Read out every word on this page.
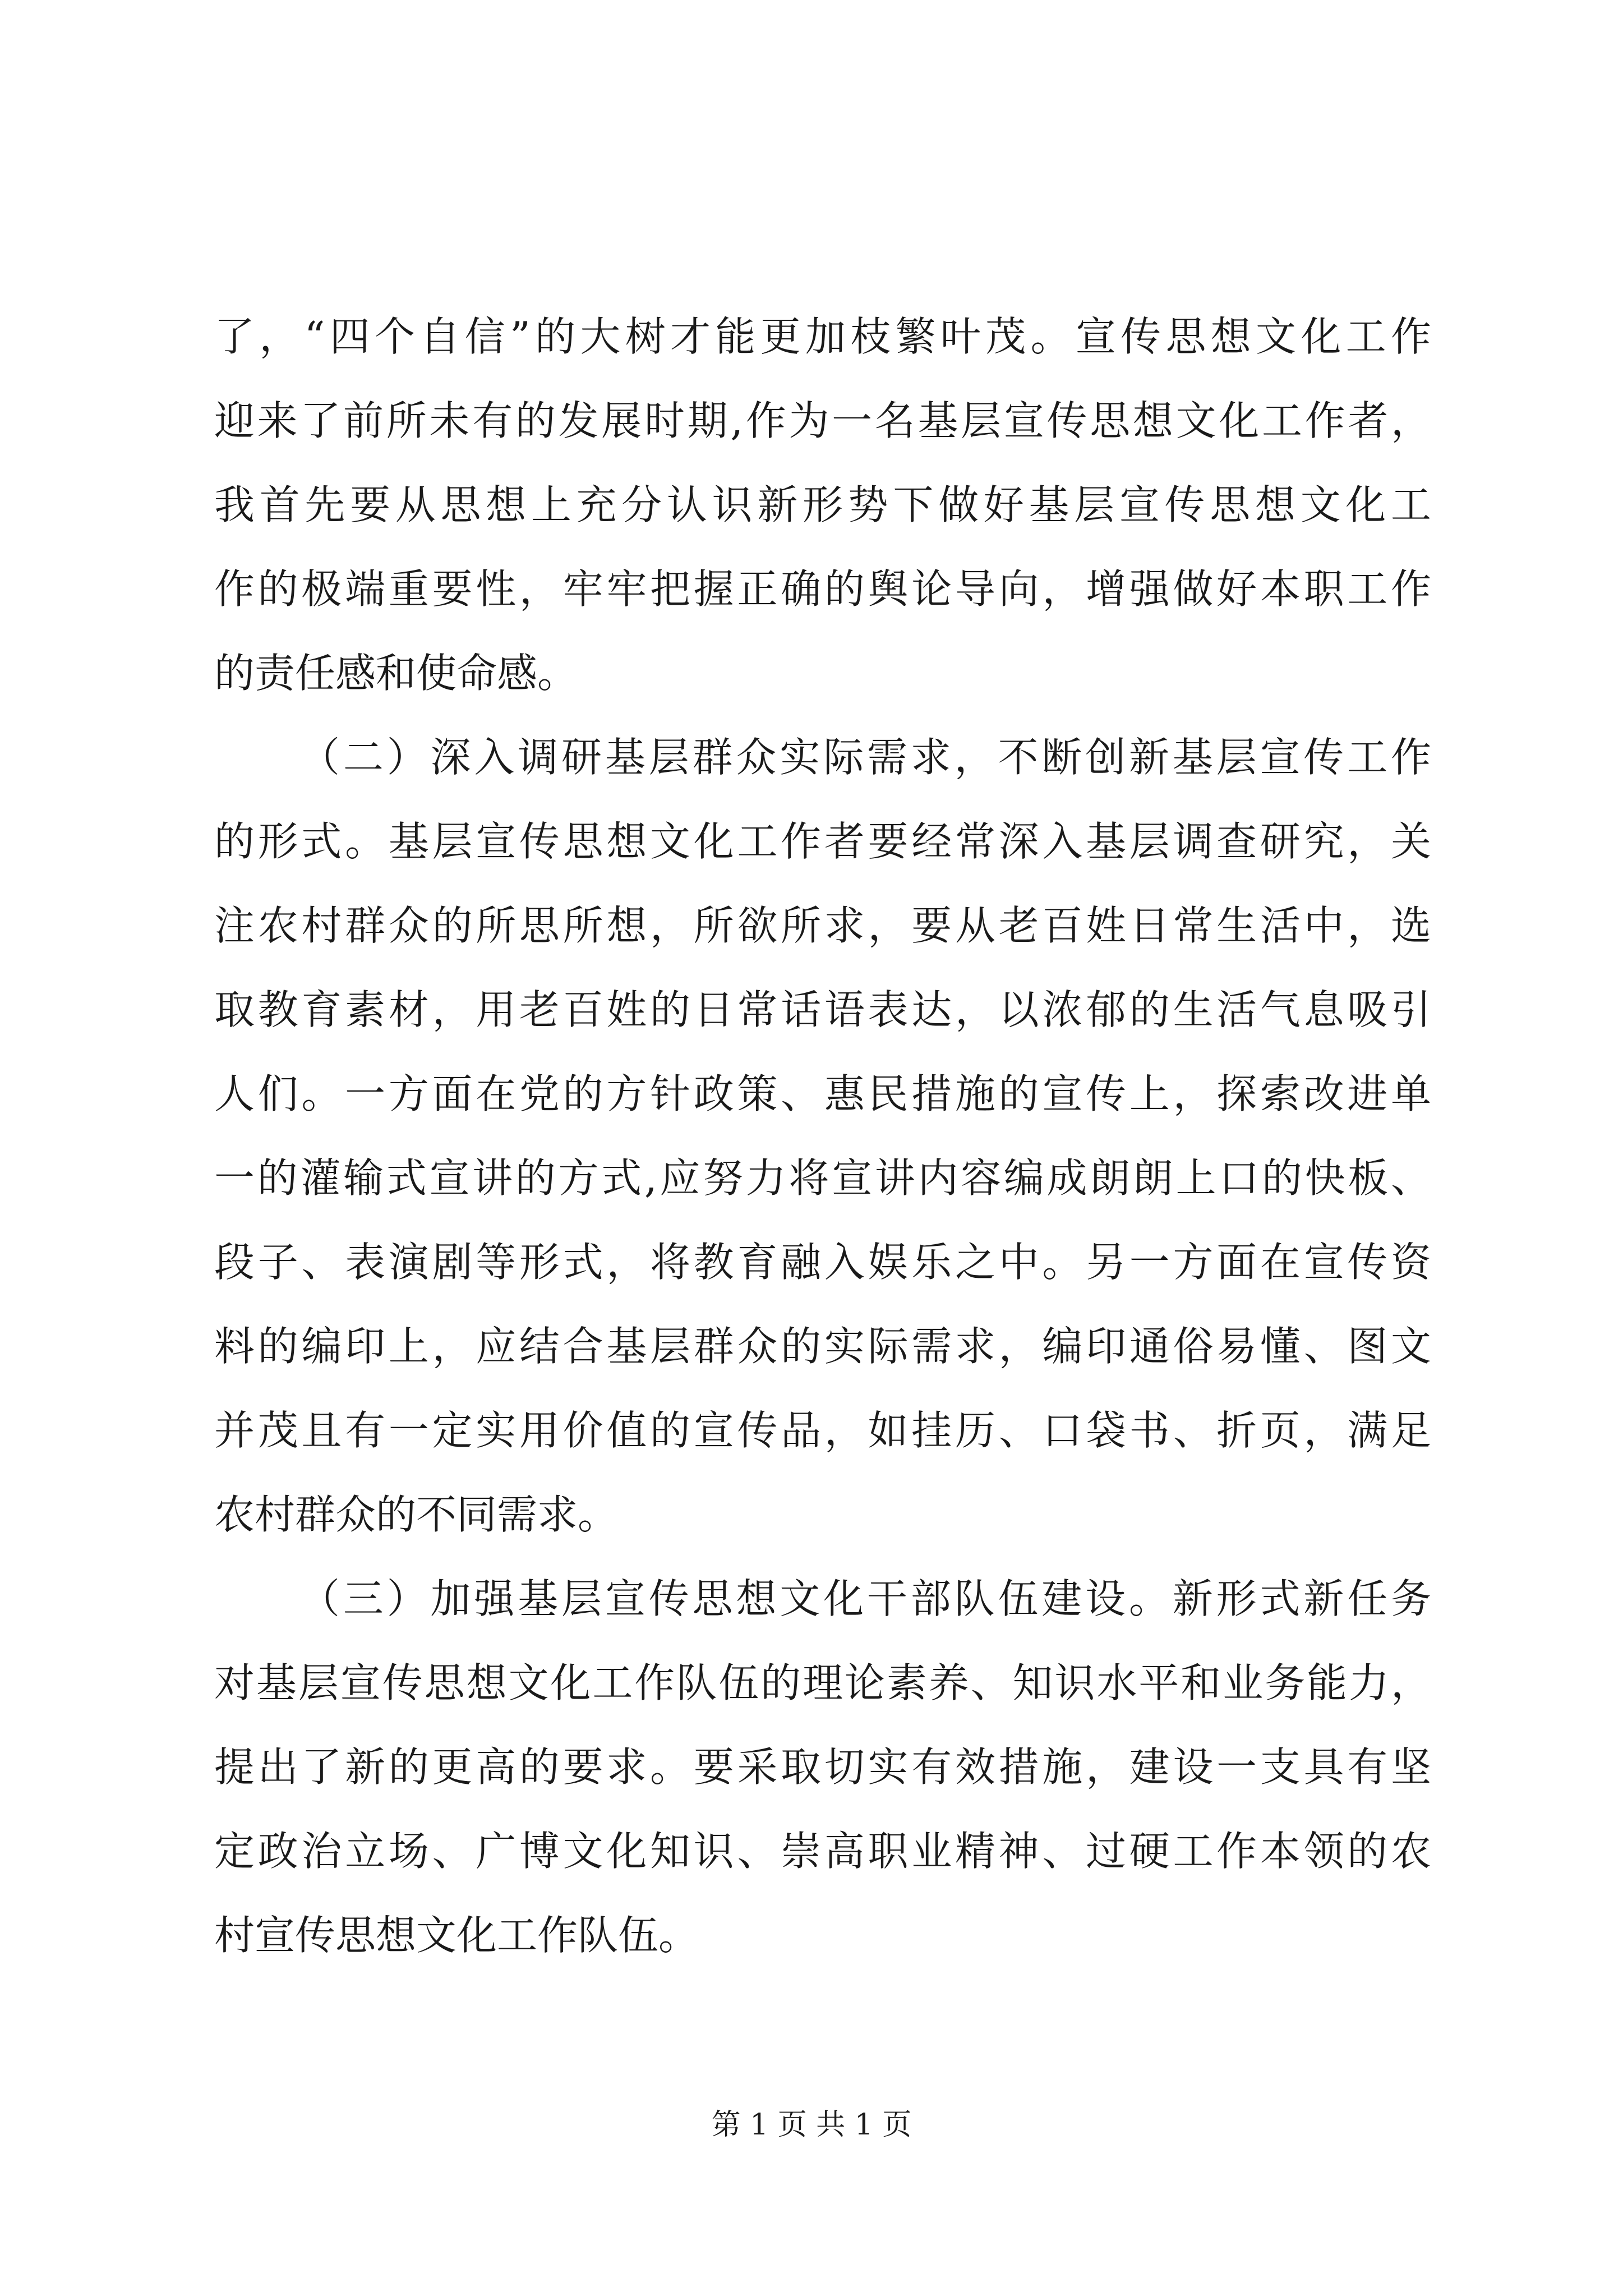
了，“四个自信”的大树才能更加枝繁叶茂。宣传思想文化工作
迎来了前所未有的发展时期,作为一名基层宣传思想文化工作者，
我首先要从思想上充分认识新形势下做好基层宣传思想文化工
作的极端重要性，牢牢把握正确的舆论导向，增强做好本职工作
的责任感和使命感。
（二）深入调研基层群众实际需求，不断创新基层宣传工作
的形式。基层宣传思想文化工作者要经常深入基层调查研究，关
注农村群众的所思所想，所欲所求，要从老百姓日常生活中，选
取教育素材，用老百姓的日常话语表达，以浓郁的生活气息吸引
人们。一方面在党的方针政策、惠民措施的宣传上，探索改进单
一的灌输式宣讲的方式,应努力将宣讲内容编成朗朗上口的快板、
段子、表演剧等形式，将教育融入娱乐之中。另一方面在宣传资
料的编印上，应结合基层群众的实际需求，编印通俗易懂、图文
并茂且有一定实用价值的宣传品，如挂历、口袋书、折页，满足
农村群众的不同需求。
（三）加强基层宣传思想文化干部队伍建设。新形式新任务
对基层宣传思想文化工作队伍的理论素养、知识水平和业务能力，
提出了新的更高的要求。要采取切实有效措施，建设一支具有坚
定政治立场、广博文化知识、崇高职业精神、过硬工作本领的农
村宣传思想文化工作队伍。
第 1 页 共 1 页
